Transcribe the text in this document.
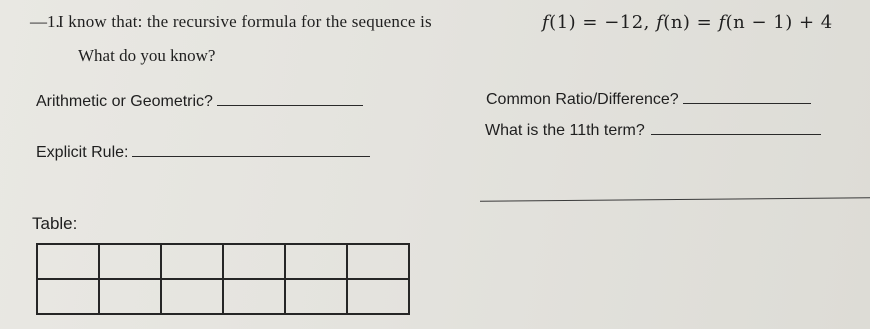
—1.
I know that: the recursive formula for the sequence is	f(1) = −12, f(n) = f(n − 1) + 4
What do you know?
Arithmetic or Geometric?	Common Ratio/Difference?
What is the 11th term?
Explicit Rule:
Table:
